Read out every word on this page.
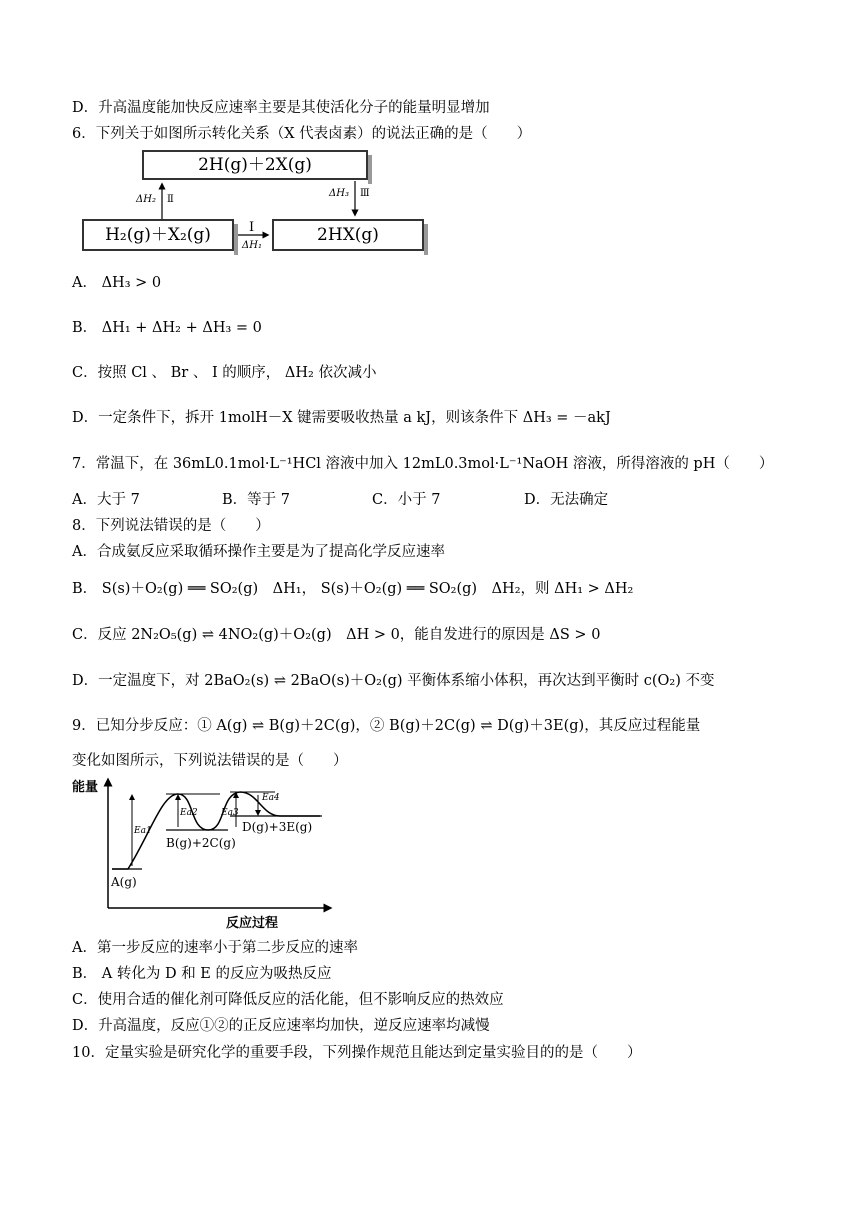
D．升高温度能加快反应速率主要是其使活化分子的能量明显增加
6．下列关于如图所示转化关系（X 代表卤素）的说法正确的是（　　）
2H(g)＋2X(g)
H₂(g)＋X₂(g)	2HX(g)
ΔH₂ Ⅱ
ΔH₃ Ⅲ
Ⅰ
ΔH₁
A． ΔH₃ > 0
B． ΔH₁ + ΔH₂ + ΔH₃ = 0
C．按照 Cl 、 Br 、 I 的顺序， ΔH₂ 依次减小
D．一定条件下，拆开 1molH－X 键需要吸收热量 a kJ，则该条件下 ΔH₃ = －akJ
7．常温下，在 36mL0.1mol·L⁻¹HCl 溶液中加入 12mL0.3mol·L⁻¹NaOH 溶液，所得溶液的 pH（　　）
A．大于 7	B．等于 7	C．小于 7	D．无法确定
8．下列说法错误的是（　　）
A．合成氨反应采取循环操作主要是为了提高化学反应速率
B． S(s)＋O₂(g) ══ SO₂(g)　ΔH₁， S(s)＋O₂(g) ══ SO₂(g)　ΔH₂，则 ΔH₁ > ΔH₂
C．反应 2N₂O₅(g) ⇌ 4NO₂(g)＋O₂(g)　ΔH > 0，能自发进行的原因是 ΔS > 0
D．一定温度下，对 2BaO₂(s) ⇌ 2BaO(s)＋O₂(g) 平衡体系缩小体积，再次达到平衡时 c(O₂) 不变
9．已知分步反应：① A(g) ⇌ B(g)＋2C(g)，② B(g)＋2C(g) ⇌ D(g)＋3E(g)，其反应过程能量
变化如图所示，下列说法错误的是（　　）
能量
反应过程
A(g)
B(g)+2C(g)
D(g)+3E(g)
Ea1
Ea2	Ea3
Ea4
A．第一步反应的速率小于第二步反应的速率
B． A 转化为 D 和 E 的反应为吸热反应
C．使用合适的催化剂可降低反应的活化能，但不影响反应的热效应
D．升高温度，反应①②的正反应速率均加快，逆反应速率均减慢
10．定量实验是研究化学的重要手段，下列操作规范且能达到定量实验目的的是（　　）
